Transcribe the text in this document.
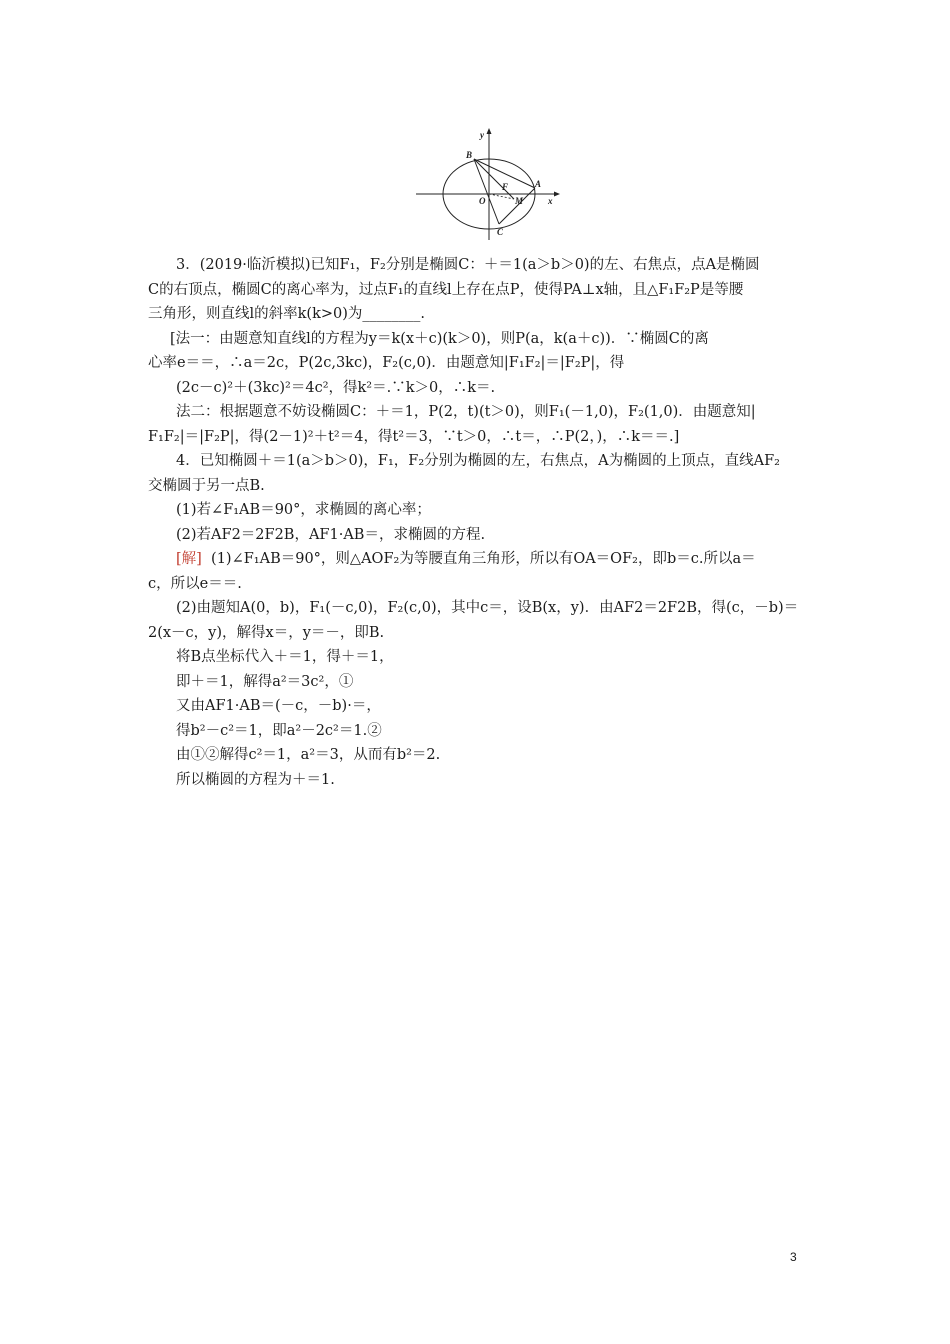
y
x
B
F	A
O	M
C
3．(2019·临沂模拟)已知F₁，F₂分别是椭圆C：＋＝1(a＞b＞0)的左、右焦点，点A是椭圆
C的右顶点，椭圆C的离心率为，过点F₁的直线l上存在点P，使得PA⊥x轴，且△F₁F₂P是等腰
三角形，则直线l的斜率k(k>0)为________.
[法一：由题意知直线l的方程为y＝k(x＋c)(k＞0)，则P(a，k(a＋c))．∵椭圆C的离
心率e＝＝，∴a＝2c，P(2c,3kc)，F₂(c,0)．由题意知|F₁F₂|＝|F₂P|，得
(2c－c)²＋(3kc)²＝4c²，得k²＝.∵k＞0，∴k＝.
法二：根据题意不妨设椭圆C：＋＝1，P(2，t)(t＞0)，则F₁(－1,0)，F₂(1,0)．由题意知|
F₁F₂|＝|F₂P|，得(2－1)²＋t²＝4，得t²＝3，∵t＞0，∴t＝，∴P(2，)，∴k＝＝.]
4．已知椭圆＋＝1(a＞b＞0)，F₁，F₂分别为椭圆的左，右焦点，A为椭圆的上顶点，直线AF₂
交椭圆于另一点B.
(1)若∠F₁AB＝90°，求椭圆的离心率；
(2)若AF2＝2F2B，AF1·AB＝，求椭圆的方程.
[解] (1)∠F₁AB＝90°，则△AOF₂为等腰直角三角形，所以有OA＝OF₂，即b＝c.所以a＝
c，所以e＝＝.
(2)由题知A(0，b)，F₁(－c,0)，F₂(c,0)，其中c＝，设B(x，y)．由AF2＝2F2B，得(c，－b)＝
2(x－c，y)，解得x＝，y＝－，即B.
将B点坐标代入＋＝1，得＋＝1，
即＋＝1，解得a²＝3c²，①
又由AF1·AB＝(－c，－b)·＝，
得b²－c²＝1，即a²－2c²＝1.②
由①②解得c²＝1，a²＝3，从而有b²＝2.
所以椭圆的方程为＋＝1.
3
